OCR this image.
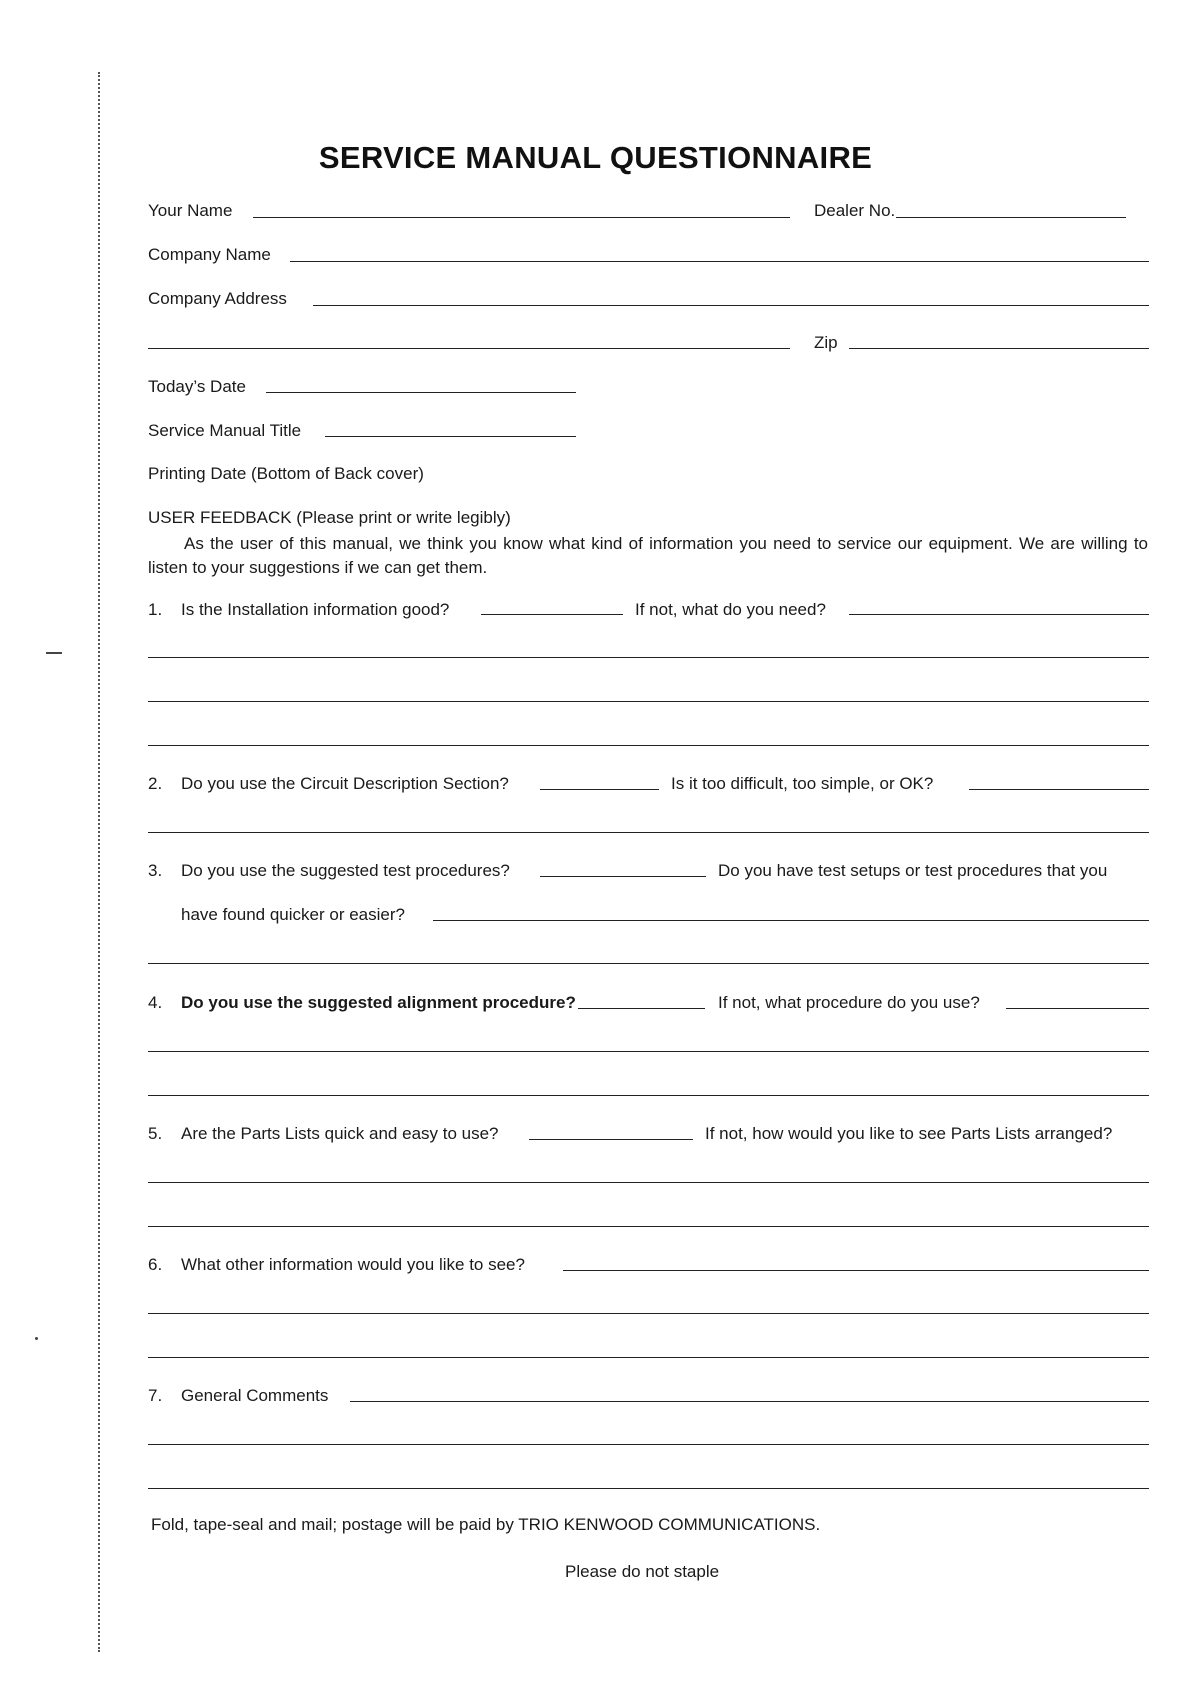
SERVICE MANUAL QUESTIONNAIRE
Your Name	Dealer No.
Company Name
Company Address
Zip
Today’s Date
Service Manual Title
Printing Date (Bottom of Back cover)
USER FEEDBACK (Please print or write legibly)
As the user of this manual, we think you know what kind of information you need to service our equipment. We are willing to listen to your suggestions if we can get them.
1. Is the Installation information good?	If not, what do you need?
2. Do you use the Circuit Description Section?	Is it too difficult, too simple, or OK?
3. Do you use the suggested test procedures?	Do you have test setups or test procedures that you
have found quicker or easier?
4. Do you use the suggested alignment procedure?	If not, what procedure do you use?
5. Are the Parts Lists quick and easy to use?	If not, how would you like to see Parts Lists arranged?
6. What other information would you like to see?
7. General Comments
Fold, tape-seal and mail; postage will be paid by TRIO KENWOOD COMMUNICATIONS.
Please do not staple
